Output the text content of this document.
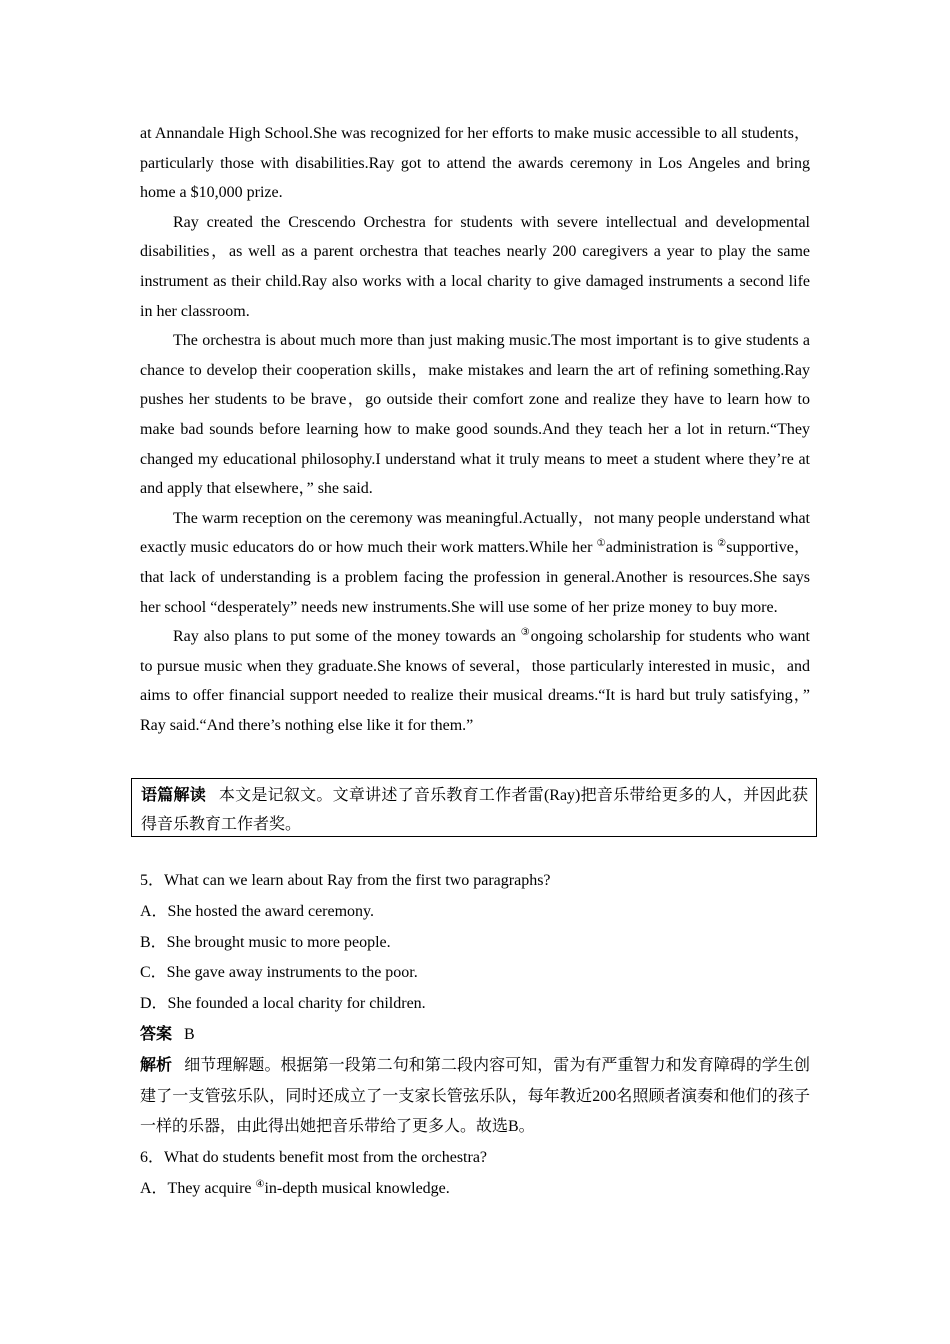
at Annandale High School.She was recognized for her efforts to make music accessible to all students，particularly those with disabilities.Ray got to attend the awards ceremony in Los Angeles and bring home a $10,000 prize.

Ray created the Crescendo Orchestra for students with severe intellectual and developmental disabilities，as well as a parent orchestra that teaches nearly 200 caregivers a year to play the same instrument as their child.Ray also works with a local charity to give damaged instruments a second life in her classroom.

The orchestra is about much more than just making music.The most important is to give students a chance to develop their cooperation skills，make mistakes and learn the art of refining something.Ray pushes her students to be brave，go outside their comfort zone and realize they have to learn how to make bad sounds before learning how to make good sounds.And they teach her a lot in return.“They changed my educational philosophy.I understand what it truly means to meet a student where they’re at and apply that elsewhere，” she said.

The warm reception on the ceremony was meaningful.Actually，not many people understand what exactly music educators do or how much their work matters.While her ①administration is ②supportive，that lack of understanding is a problem facing the profession in general.Another is resources.She says her school “desperately” needs new instruments.She will use some of her prize money to buy more.

Ray also plans to put some of the money towards an ③ongoing scholarship for students who want to pursue music when they graduate.She knows of several，those particularly interested in music，and aims to offer financial support needed to realize their musical dreams.“It is hard but truly satisfying，” Ray said.“And there’s nothing else like it for them.”

语篇解读 本文是记叙文。文章讲述了音乐教育工作者雷(Ray)把音乐带给更多的人，并因此获得音乐教育工作者奖。

5．What can we learn about Ray from the first two paragraphs?

A．She hosted the award ceremony.

B．She brought music to more people.

C．She gave away instruments to the poor.

D．She founded a local charity for children.

答案 B

解析 细节理解题。根据第一段第二句和第二段内容可知，雷为有严重智力和发育障碍的学生创建了一支管弦乐队，同时还成立了一支家长管弦乐队，每年教近200名照顾者演奏和他们的孩子一样的乐器，由此得出她把音乐带给了更多人。故选B。

6．What do students benefit most from the orchestra?

A．They acquire ④in-depth musical knowledge.
